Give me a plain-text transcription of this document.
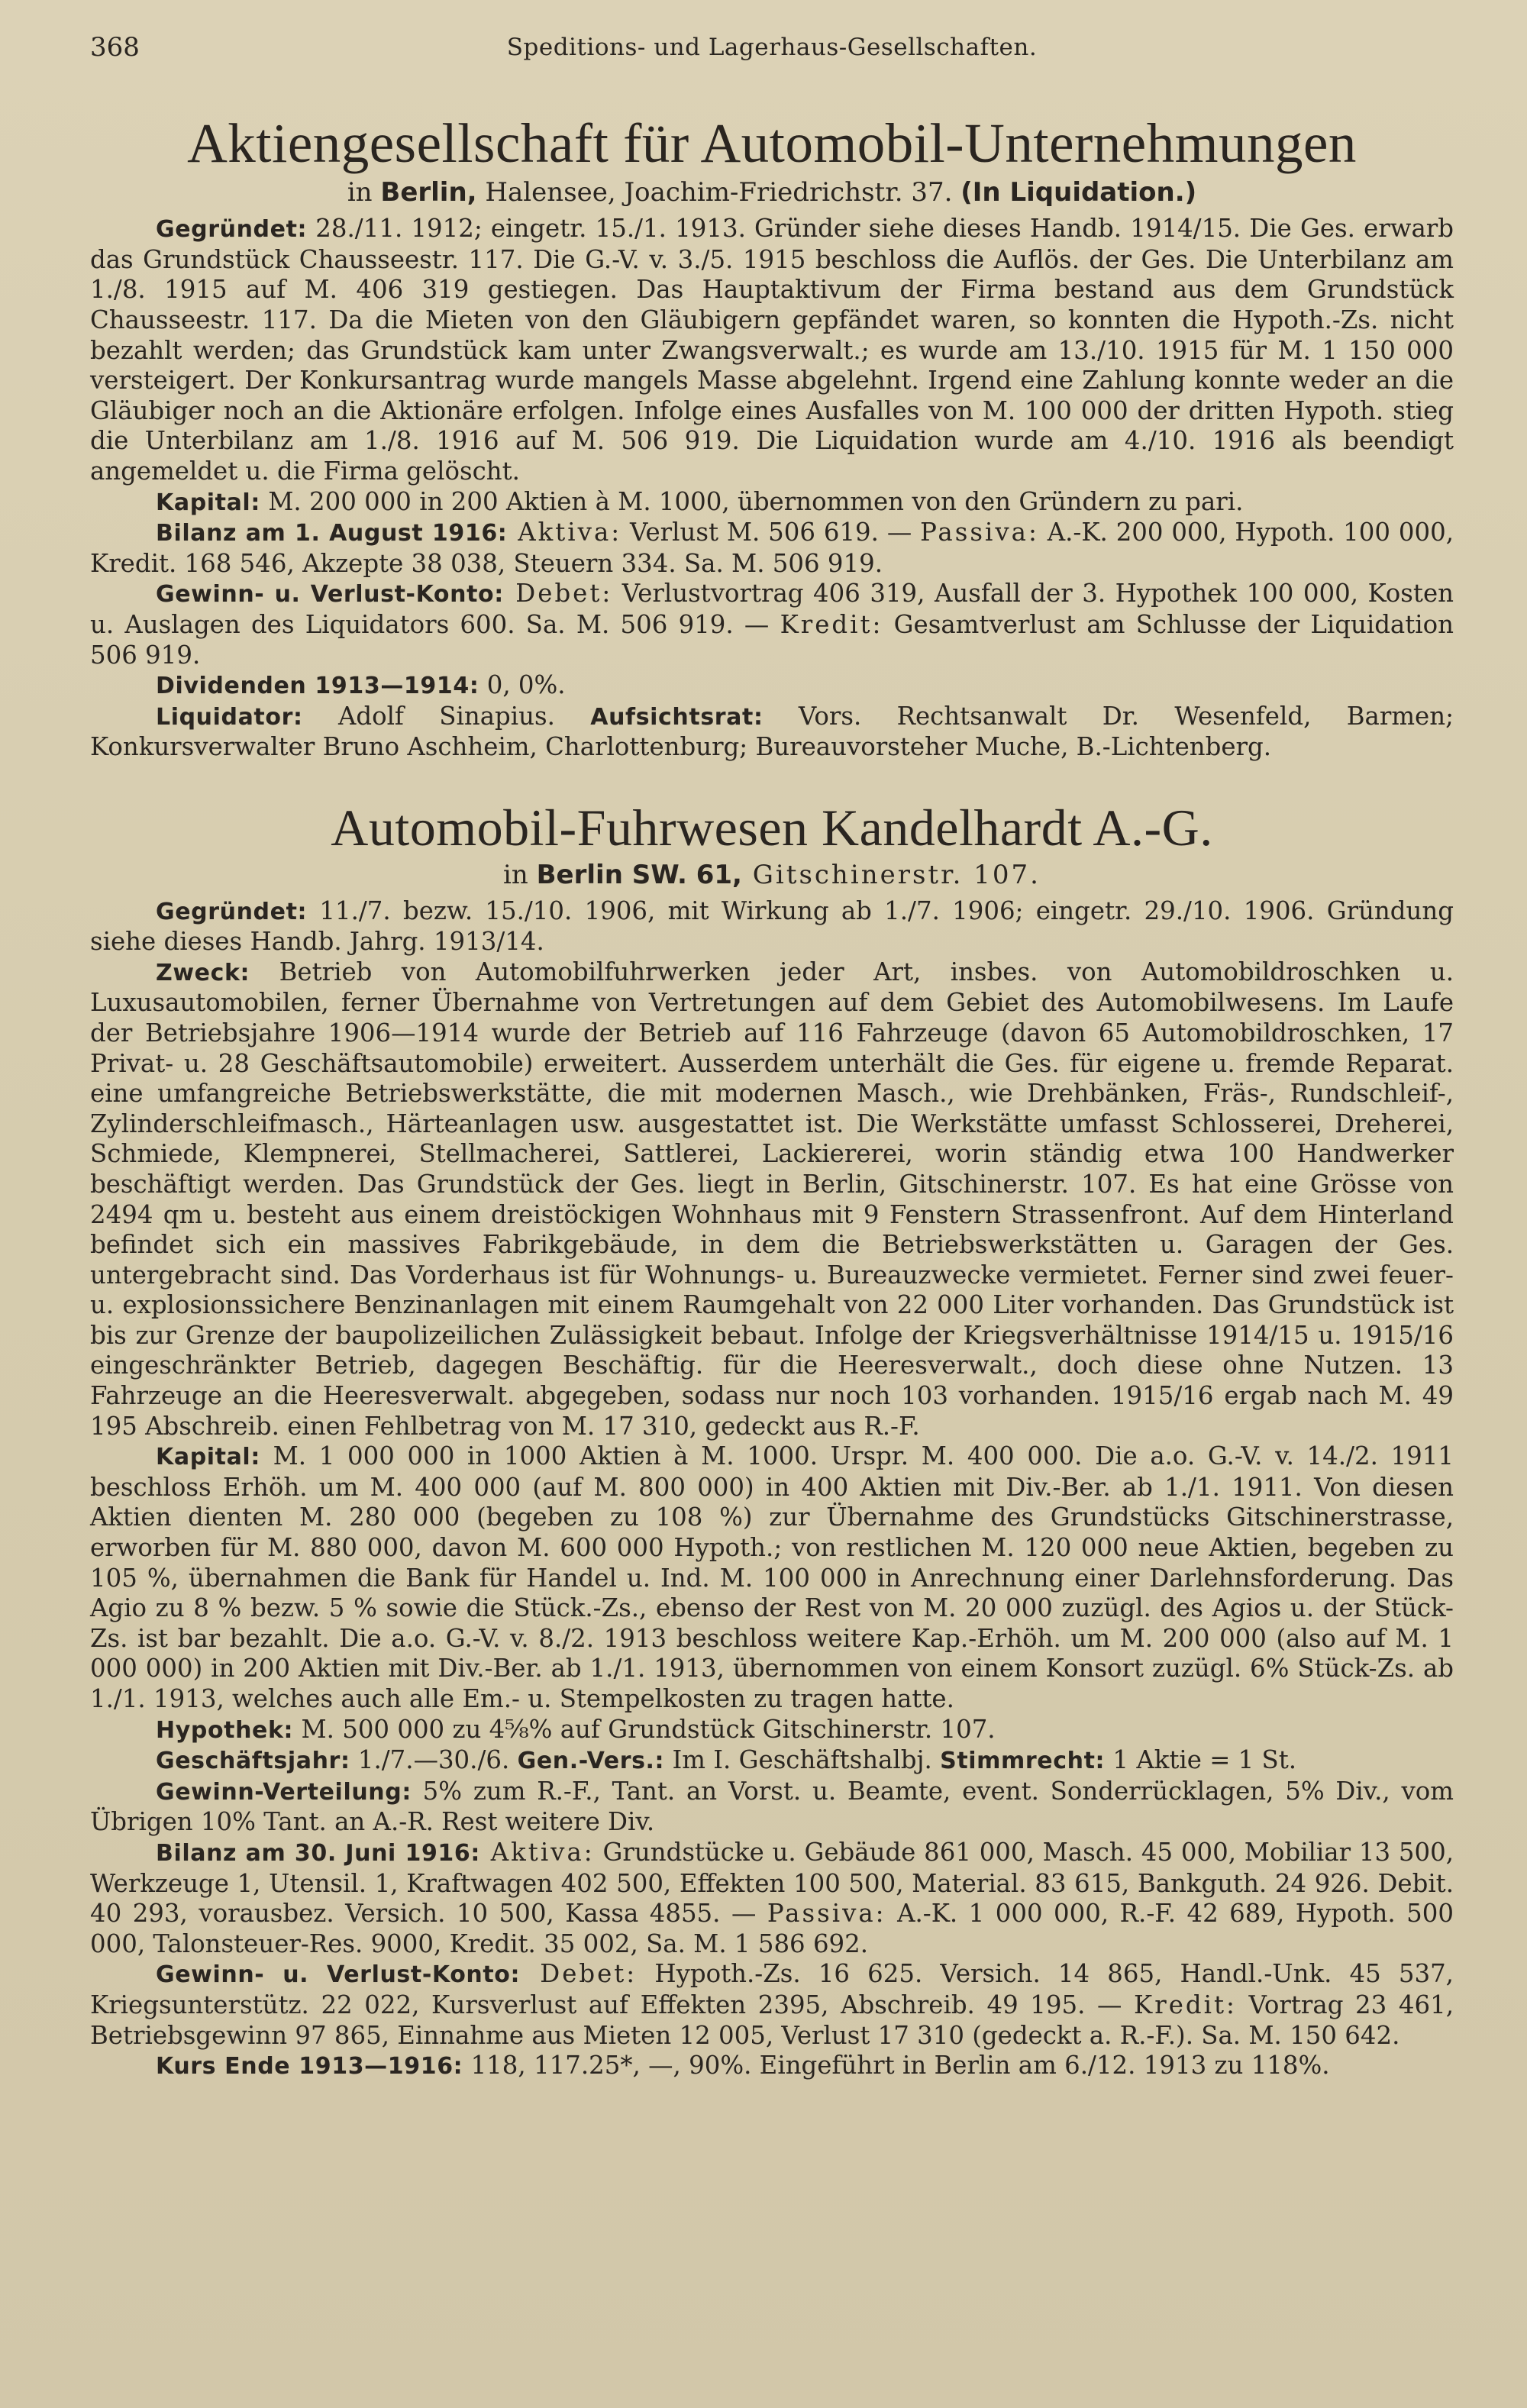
368	Speditions- und Lagerhaus-Gesellschaften.
Aktiengesellschaft für Automobil-Unternehmungen
in Berlin, Halensee, Joachim-Friedrichstr. 37. (In Liquidation.)

Gegründet: 28./11. 1912; eingetr. 15./1. 1913. Gründer siehe dieses Handb. 1914/15. Die Ges. erwarb das Grundstück Chausseestr. 117. Die G.-V. v. 3./5. 1915 beschloss die Auflös. der Ges. Die Unterbilanz am 1./8. 1915 auf M. 406 319 gestiegen. Das Hauptaktivum der Firma bestand aus dem Grundstück Chausseestr. 117. Da die Mieten von den Gläubigern gepfändet waren, so konnten die Hypoth.-Zs. nicht bezahlt werden; das Grundstück kam unter Zwangsverwalt.; es wurde am 13./10. 1915 für M. 1 150 000 versteigert. Der Konkursantrag wurde mangels Masse abgelehnt. Irgend eine Zahlung konnte weder an die Gläubiger noch an die Aktionäre erfolgen. Infolge eines Ausfalles von M. 100 000 der dritten Hypoth. stieg die Unterbilanz am 1./8. 1916 auf M. 506 919. Die Liquidation wurde am 4./10. 1916 als beendigt angemeldet u. die Firma gelöscht.

Kapital: M. 200 000 in 200 Aktien à M. 1000, übernommen von den Gründern zu pari.

Bilanz am 1. August 1916: Aktiva: Verlust M. 506 619. — Passiva: A.-K. 200 000, Hypoth. 100 000, Kredit. 168 546, Akzepte 38 038, Steuern 334. Sa. M. 506 919.

Gewinn- u. Verlust-Konto: Debet: Verlustvortrag 406 319, Ausfall der 3. Hypothek 100 000, Kosten u. Auslagen des Liquidators 600. Sa. M. 506 919. — Kredit: Gesamtverlust am Schlusse der Liquidation 506 919.

Dividenden 1913—1914: 0, 0%.

Liquidator: Adolf Sinapius. Aufsichtsrat: Vors. Rechtsanwalt Dr. Wesenfeld, Barmen; Konkursverwalter Bruno Aschheim, Charlottenburg; Bureauvorsteher Muche, B.-Lichtenberg.

Automobil-Fuhrwesen Kandelhardt A.-G.
in Berlin SW. 61, Gitschinerstr. 107.

Gegründet: 11./7. bezw. 15./10. 1906, mit Wirkung ab 1./7. 1906; eingetr. 29./10. 1906. Gründung siehe dieses Handb. Jahrg. 1913/14.

Zweck: Betrieb von Automobilfuhrwerken jeder Art, insbes. von Automobildroschken u. Luxusautomobilen, ferner Übernahme von Vertretungen auf dem Gebiet des Automobilwesens. Im Laufe der Betriebsjahre 1906—1914 wurde der Betrieb auf 116 Fahrzeuge (davon 65 Automobildroschken, 17 Privat- u. 28 Geschäftsautomobile) erweitert. Ausserdem unterhält die Ges. für eigene u. fremde Reparat. eine umfangreiche Betriebswerkstätte, die mit modernen Masch., wie Drehbänken, Fräs-, Rundschleif-, Zylinderschleifmasch., Härteanlagen usw. ausgestattet ist. Die Werkstätte umfasst Schlosserei, Dreherei, Schmiede, Klempnerei, Stellmacherei, Sattlerei, Lackiererei, worin ständig etwa 100 Handwerker beschäftigt werden. Das Grundstück der Ges. liegt in Berlin, Gitschinerstr. 107. Es hat eine Grösse von 2494 qm u. besteht aus einem dreistöckigen Wohnhaus mit 9 Fenstern Strassenfront. Auf dem Hinterland befindet sich ein massives Fabrikgebäude, in dem die Betriebswerkstätten u. Garagen der Ges. untergebracht sind. Das Vorderhaus ist für Wohnungs- u. Bureauzwecke vermietet. Ferner sind zwei feuer- u. explosionssichere Benzinanlagen mit einem Raumgehalt von 22 000 Liter vorhanden. Das Grundstück ist bis zur Grenze der baupolizeilichen Zulässigkeit bebaut. Infolge der Kriegsverhältnisse 1914/15 u. 1915/16 eingeschränkter Betrieb, dagegen Beschäftig. für die Heeresverwalt., doch diese ohne Nutzen. 13 Fahrzeuge an die Heeresverwalt. abgegeben, sodass nur noch 103 vorhanden. 1915/16 ergab nach M. 49 195 Abschreib. einen Fehlbetrag von M. 17 310, gedeckt aus R.-F.

Kapital: M. 1 000 000 in 1000 Aktien à M. 1000. Urspr. M. 400 000. Die a.o. G.-V. v. 14./2. 1911 beschloss Erhöh. um M. 400 000 (auf M. 800 000) in 400 Aktien mit Div.-Ber. ab 1./1. 1911. Von diesen Aktien dienten M. 280 000 (begeben zu 108 %) zur Übernahme des Grundstücks Gitschinerstrasse, erworben für M. 880 000, davon M. 600 000 Hypoth.; von restlichen M. 120 000 neue Aktien, begeben zu 105 %, übernahmen die Bank für Handel u. Ind. M. 100 000 in Anrechnung einer Darlehnsforderung. Das Agio zu 8 % bezw. 5 % sowie die Stück.-Zs., ebenso der Rest von M. 20 000 zuzügl. des Agios u. der Stück-Zs. ist bar bezahlt. Die a.o. G.-V. v. 8./2. 1913 beschloss weitere Kap.-Erhöh. um M. 200 000 (also auf M. 1 000 000) in 200 Aktien mit Div.-Ber. ab 1./1. 1913, übernommen von einem Konsort zuzügl. 6% Stück-Zs. ab 1./1. 1913, welches auch alle Em.- u. Stempelkosten zu tragen hatte.

Hypothek: M. 500 000 zu 4⅝% auf Grundstück Gitschinerstr. 107.

Geschäftsjahr: 1./7.—30./6. Gen.-Vers.: Im I. Geschäftshalbj. Stimmrecht: 1 Aktie = 1 St.

Gewinn-Verteilung: 5% zum R.-F., Tant. an Vorst. u. Beamte, event. Sonderrücklagen, 5% Div., vom Übrigen 10% Tant. an A.-R. Rest weitere Div.

Bilanz am 30. Juni 1916: Aktiva: Grundstücke u. Gebäude 861 000, Masch. 45 000, Mobiliar 13 500, Werkzeuge 1, Utensil. 1, Kraftwagen 402 500, Effekten 100 500, Material. 83 615, Bankguth. 24 926. Debit. 40 293, vorausbez. Versich. 10 500, Kassa 4855. — Passiva: A.-K. 1 000 000, R.-F. 42 689, Hypoth. 500 000, Talonsteuer-Res. 9000, Kredit. 35 002, Sa. M. 1 586 692.

Gewinn- u. Verlust-Konto: Debet: Hypoth.-Zs. 16 625. Versich. 14 865, Handl.-Unk. 45 537, Kriegsunterstütz. 22 022, Kursverlust auf Effekten 2395, Abschreib. 49 195. — Kredit: Vortrag 23 461, Betriebsgewinn 97 865, Einnahme aus Mieten 12 005, Verlust 17 310 (gedeckt a. R.-F.). Sa. M. 150 642.

Kurs Ende 1913—1916: 118, 117.25*, —, 90%. Eingeführt in Berlin am 6./12. 1913 zu 118%.
